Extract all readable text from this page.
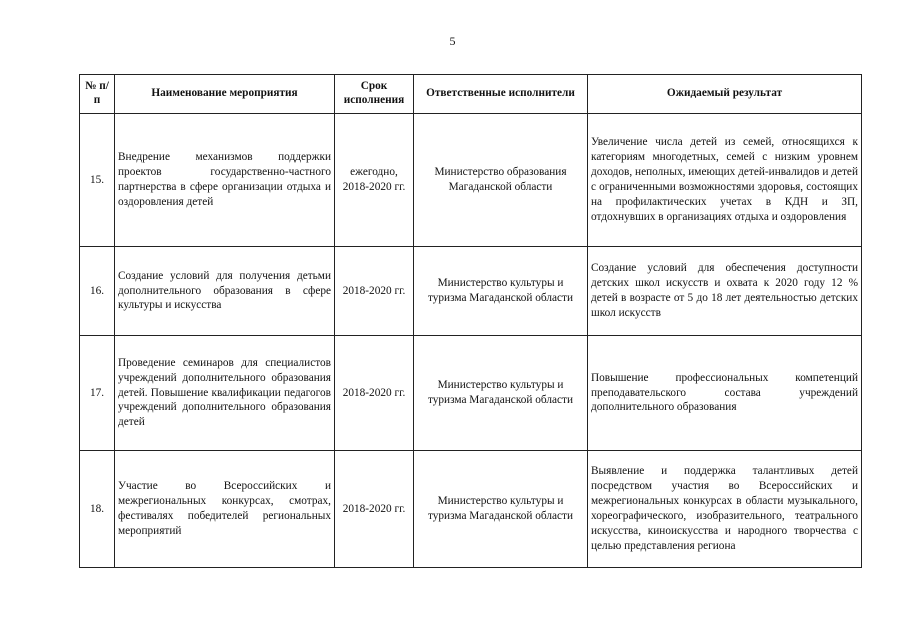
5
№ п/п	Наименование мероприятия	Срок исполнения	Ответственные исполнители	Ожидаемый результат
15.	Внедрение механизмов поддержки проектов государственно-частного партнерства в сфере организации отдыха и оздоровления детей	ежегодно, 2018-2020 гг.	Министерство образования Магаданской области	Увеличение числа детей из семей, относящихся к категориям многодетных, семей с низким уровнем доходов, неполных, имеющих детей-инвалидов и детей с ограниченными возможностями здоровья, состоящих на профилактических учетах в КДН и ЗП, отдохнувших в организациях отдыха и оздоровления
16.	Создание условий для получения детьми дополнительного образования в сфере культуры и искусства	2018-2020 гг.	Министерство культуры и туризма Магаданской области	Создание условий для обеспечения доступности детских школ искусств и охвата к 2020 году 12 % детей в возрасте от 5 до 18 лет деятельностью детских школ искусств
17.	Проведение семинаров для специалистов учреждений дополнительного образования детей. Повышение квалификации педагогов учреждений дополнительного образования детей	2018-2020 гг.	Министерство культуры и туризма Магаданской области	Повышение профессиональных компетенций преподавательского состава учреждений дополнительного образования
18.	Участие во Всероссийских и межрегиональных конкурсах, смотрах, фестивалях победителей региональных мероприятий	2018-2020 гг.	Министерство культуры и туризма Магаданской области	Выявление и поддержка талантливых детей посредством участия во Всероссийских и межрегиональных конкурсах в области музыкального, хореографического, изобразительного, театрального искусства, киноискусства и народного творчества с целью представления региона
